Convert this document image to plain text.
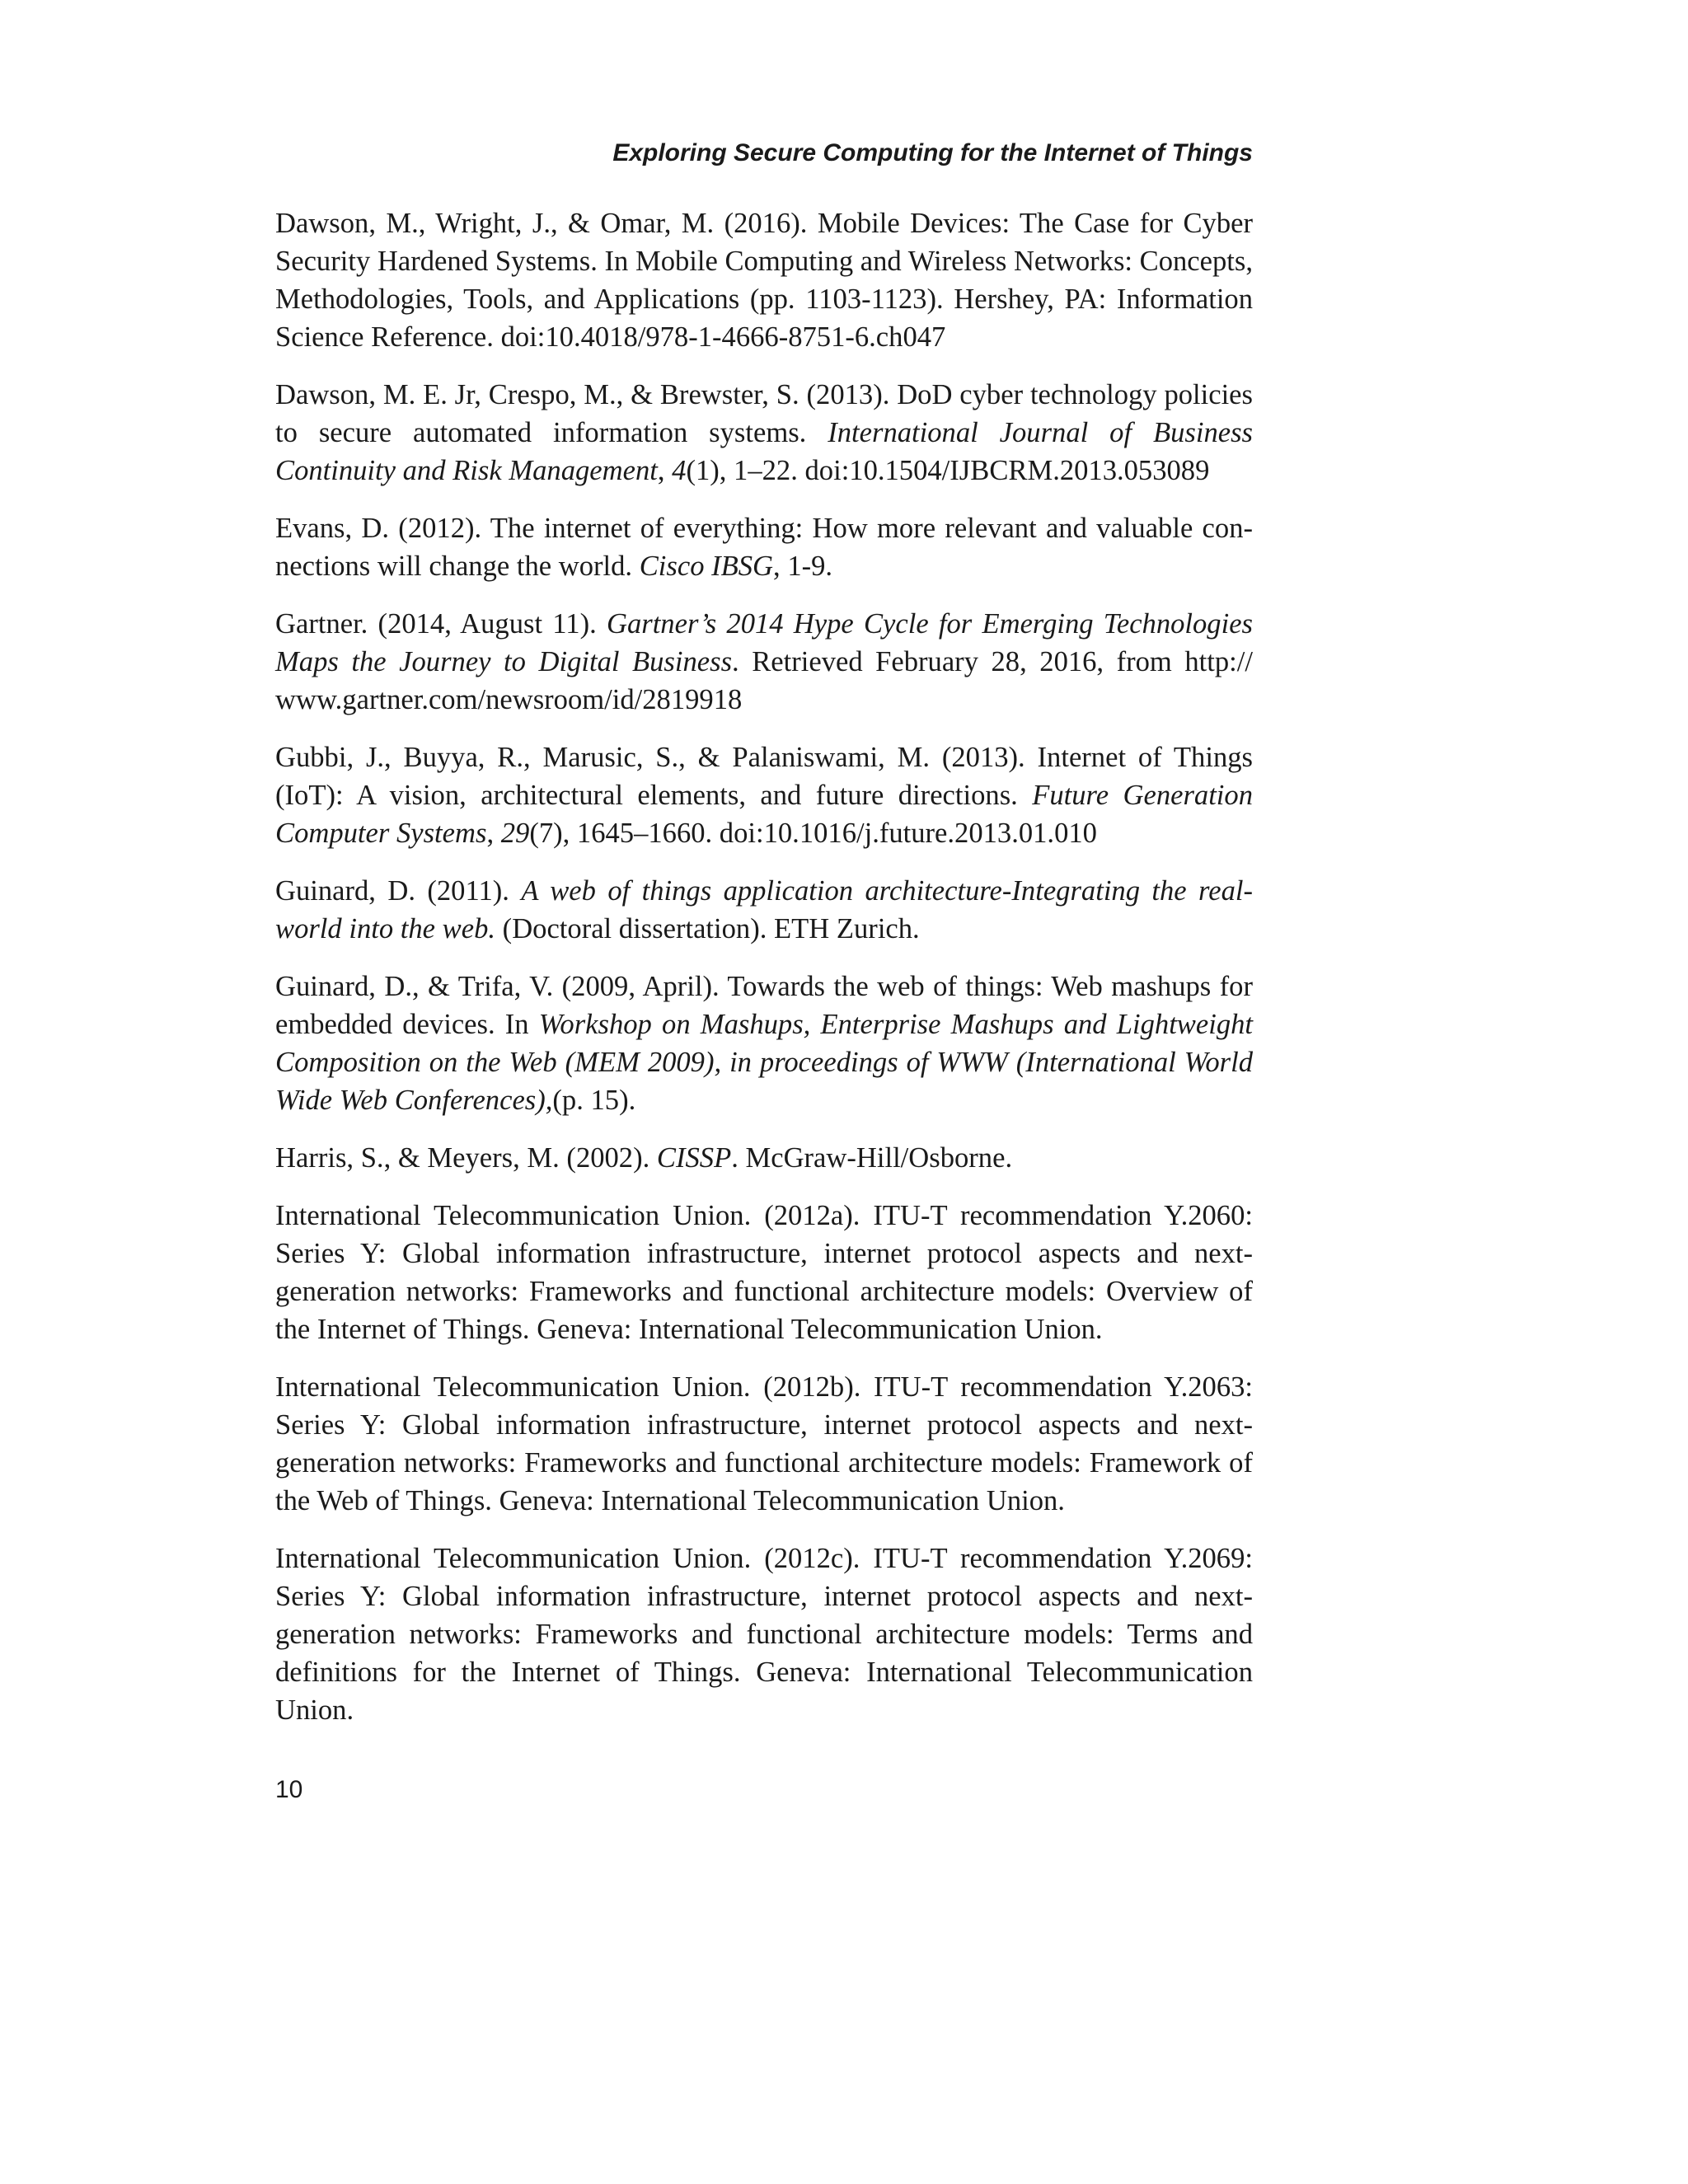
Exploring Secure Computing for the Internet of Things
Dawson, M., Wright, J., & Omar, M. (2016). Mobile Devices: The Case for Cyber Security Hardened Systems. In Mobile Computing and Wireless Networks: Concepts, Methodologies, Tools, and Applications (pp. 1103-1123). Hershey, PA: Information Science Reference. doi:10.4018/978-1-4666-8751-6.ch047
Dawson, M. E. Jr, Crespo, M., & Brewster, S. (2013). DoD cyber technology policies to secure automated information systems. International Journal of Business Continuity and Risk Management, 4(1), 1–22. doi:10.1504/IJBCRM.2013.053089
Evans, D. (2012). The internet of everything: How more relevant and valuable connections will change the world. Cisco IBSG, 1-9.
Gartner. (2014, August 11). Gartner’s 2014 Hype Cycle for Emerging Technologies Maps the Journey to Digital Business. Retrieved February 28, 2016, from http://​www.gartner.com/newsroom/id/2819918
Gubbi, J., Buyya, R., Marusic, S., & Palaniswami, M. (2013). Internet of Things (IoT): A vision, architectural elements, and future directions. Future Generation Computer Systems, 29(7), 1645–1660. doi:10.1016/j.future.2013.01.010
Guinard, D. (2011). A web of things application architecture-Integrating the real-world into the web. (Doctoral dissertation). ETH Zurich.
Guinard, D., & Trifa, V. (2009, April). Towards the web of things: Web mashups for embedded devices. In Workshop on Mashups, Enterprise Mashups and Lightweight Composition on the Web (MEM 2009), in proceedings of WWW (International World Wide Web Conferences),(p. 15).
Harris, S., & Meyers, M. (2002). CISSP. McGraw-Hill/Osborne.
International Telecommunication Union. (2012a). ITU-T recommendation Y.2060: Series Y: Global information infrastructure, internet protocol aspects and next-generation networks: Frameworks and functional architecture models: Overview of the Internet of Things. Geneva: International Telecommunication Union.
International Telecommunication Union. (2012b). ITU-T recommendation Y.2063: Series Y: Global information infrastructure, internet protocol aspects and next-generation networks: Frameworks and functional architecture models: Framework of the Web of Things. Geneva: International Telecommunication Union.
International Telecommunication Union. (2012c). ITU-T recommendation Y.2069: Series Y: Global information infrastructure, internet protocol aspects and next-generation networks: Frameworks and functional architecture models: Terms and definitions for the Internet of Things. Geneva: International Telecommunication Union.

10
